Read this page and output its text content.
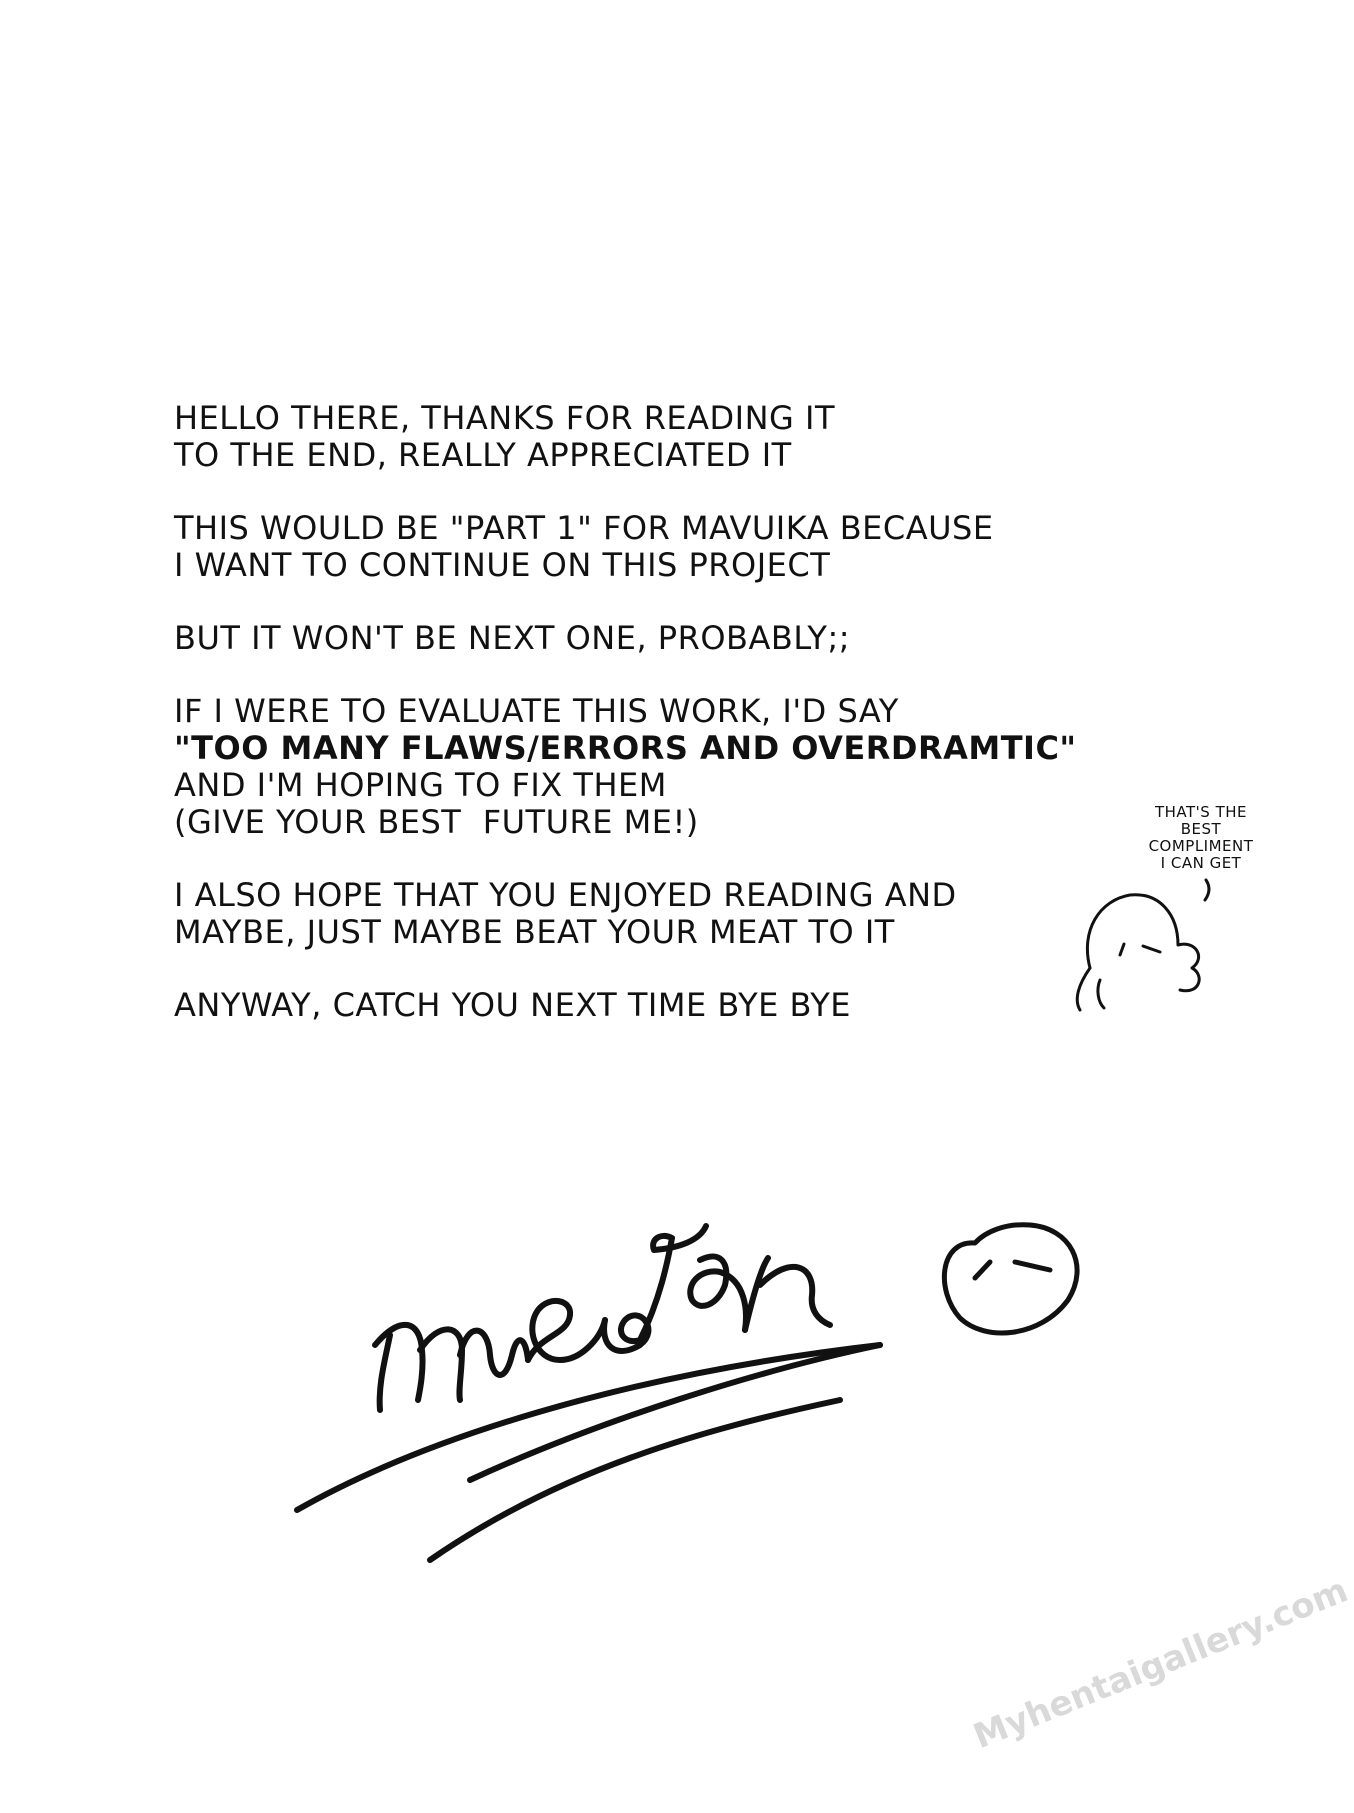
HELLO THERE, THANKS FOR READING IT
TO THE END, REALLY APPRECIATED IT
THIS WOULD BE "PART 1" FOR MAVUIKA BECAUSE
I WANT TO CONTINUE ON THIS PROJECT
BUT IT WON'T BE NEXT ONE, PROBABLY;;
IF I WERE TO EVALUATE THIS WORK, I'D SAY
"TOO MANY FLAWS/ERRORS AND OVERDRAMTIC"
AND I'M HOPING TO FIX THEM
(GIVE YOUR BEST  FUTURE ME!)
I ALSO HOPE THAT YOU ENJOYED READING AND
MAYBE, JUST MAYBE BEAT YOUR MEAT TO IT
ANYWAY, CATCH YOU NEXT TIME BYE BYE
THAT'S THE
BEST
COMPLIMENT
I CAN GET
Myhentaigallery.com
